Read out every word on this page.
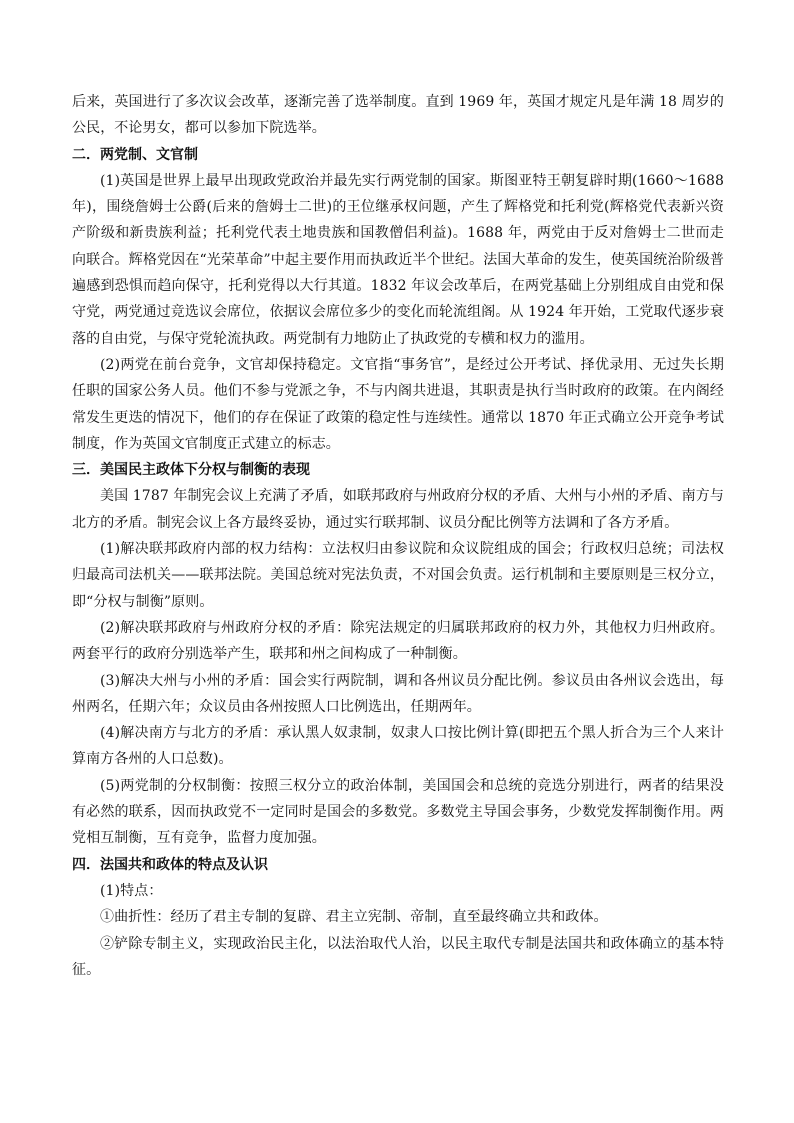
后来，英国进行了多次议会改革，逐渐完善了选举制度。直到 1969 年，英国才规定凡是年满 18 周岁的公民，不论男女，都可以参加下院选举。

二．两党制、文官制

(1)英国是世界上最早出现政党政治并最先实行两党制的国家。斯图亚特王朝复辟时期(1660～1688 年)，围绕詹姆士公爵(后来的詹姆士二世)的王位继承权问题，产生了辉格党和托利党(辉格党代表新兴资产阶级和新贵族利益；托利党代表土地贵族和国教僧侣利益)。1688 年，两党由于反对詹姆士二世而走向联合。辉格党因在“光荣革命”中起主要作用而执政近半个世纪。法国大革命的发生，使英国统治阶级普遍感到恐惧而趋向保守，托利党得以大行其道。1832 年议会改革后，在两党基础上分别组成自由党和保守党，两党通过竞选议会席位，依据议会席位多少的变化而轮流组阁。从 1924 年开始，工党取代逐步衰落的自由党，与保守党轮流执政。两党制有力地防止了执政党的专横和权力的滥用。

(2)两党在前台竞争，文官却保持稳定。文官指“事务官”，是经过公开考试、择优录用、无过失长期任职的国家公务人员。他们不参与党派之争，不与内阁共进退，其职责是执行当时政府的政策。在内阁经常发生更迭的情况下，他们的存在保证了政策的稳定性与连续性。通常以 1870 年正式确立公开竞争考试制度，作为英国文官制度正式建立的标志。

三．美国民主政体下分权与制衡的表现

美国 1787 年制宪会议上充满了矛盾，如联邦政府与州政府分权的矛盾、大州与小州的矛盾、南方与北方的矛盾。制宪会议上各方最终妥协，通过实行联邦制、议员分配比例等方法调和了各方矛盾。

(1)解决联邦政府内部的权力结构：立法权归由参议院和众议院组成的国会；行政权归总统；司法权归最高司法机关——联邦法院。美国总统对宪法负责，不对国会负责。运行机制和主要原则是三权分立，即“分权与制衡”原则。

(2)解决联邦政府与州政府分权的矛盾：除宪法规定的归属联邦政府的权力外，其他权力归州政府。两套平行的政府分别选举产生，联邦和州之间构成了一种制衡。

(3)解决大州与小州的矛盾：国会实行两院制，调和各州议员分配比例。参议员由各州议会选出，每州两名，任期六年；众议员由各州按照人口比例选出，任期两年。

(4)解决南方与北方的矛盾：承认黑人奴隶制，奴隶人口按比例计算(即把五个黑人折合为三个人来计算南方各州的人口总数)。

(5)两党制的分权制衡：按照三权分立的政治体制，美国国会和总统的竞选分别进行，两者的结果没有必然的联系，因而执政党不一定同时是国会的多数党。多数党主导国会事务，少数党发挥制衡作用。两党相互制衡，互有竞争，监督力度加强。

四．法国共和政体的特点及认识

(1)特点：

①曲折性：经历了君主专制的复辟、君主立宪制、帝制，直至最终确立共和政体。

②铲除专制主义，实现政治民主化，以法治取代人治，以民主取代专制是法国共和政体确立的基本特征。
